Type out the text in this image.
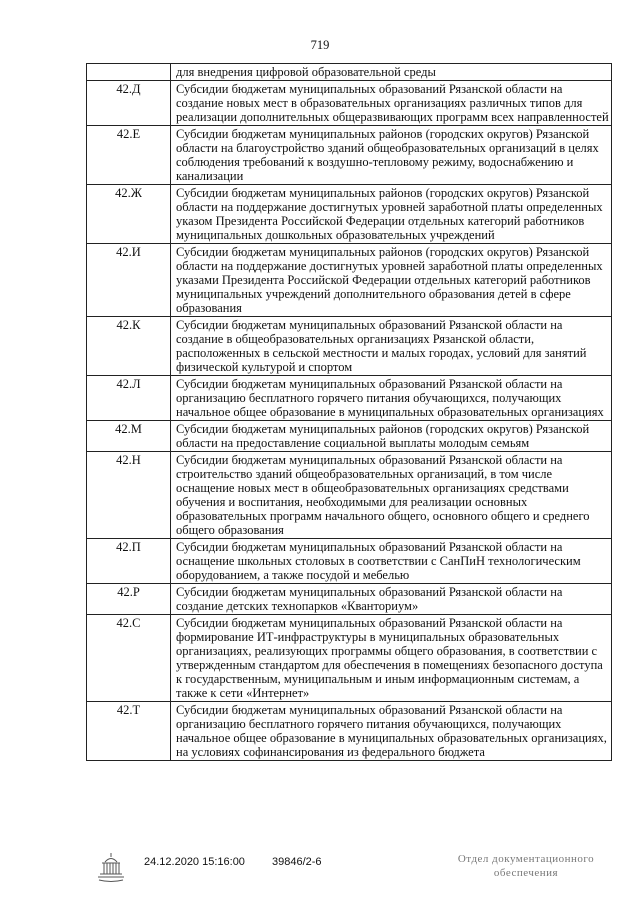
719
	для внедрения цифровой образовательной среды
42.Д	Субсидии бюджетам муниципальных образований Рязанской области на создание новых мест в образовательных организациях различных типов для реализации дополнительных общеразвивающих программ всех направленностей
42.Е	Субсидии бюджетам муниципальных районов (городских округов) Рязанской области на благоустройство зданий общеобразовательных организаций в целях соблюдения требований к воздушно-тепловому режиму, водоснабжению и канализации
42.Ж	Субсидии бюджетам муниципальных районов (городских округов) Рязанской области на поддержание достигнутых уровней заработной платы определенных указом Президента Российской Федерации отдельных категорий работников муниципальных дошкольных образовательных учреждений
42.И	Субсидии бюджетам муниципальных районов (городских округов) Рязанской области на поддержание достигнутых уровней заработной платы определенных указами Президента Российской Федерации отдельных категорий работников муниципальных учреждений дополнительного образования детей в сфере образования
42.К	Субсидии бюджетам муниципальных образований Рязанской области на создание в общеобразовательных организациях Рязанской области, расположенных в сельской местности и малых городах, условий для занятий физической культурой и спортом
42.Л	Субсидии бюджетам муниципальных образований Рязанской области на организацию бесплатного горячего питания обучающихся, получающих начальное общее образование в муниципальных образовательных организациях
42.М	Субсидии бюджетам муниципальных районов (городских округов) Рязанской области на предоставление социальной выплаты молодым семьям
42.Н	Субсидии бюджетам муниципальных образований Рязанской области на строительство зданий общеобразовательных организаций, в том числе оснащение новых мест в общеобразовательных организациях средствами обучения и воспитания, необходимыми для реализации основных образовательных программ начального общего, основного общего и среднего общего образования
42.П	Субсидии бюджетам муниципальных образований Рязанской области на оснащение школьных столовых в соответствии с СанПиН технологическим оборудованием, а также посудой и мебелью
42.Р	Субсидии бюджетам муниципальных образований Рязанской области на создание детских технопарков «Кванториум»
42.С	Субсидии бюджетам муниципальных образований Рязанской области на формирование ИТ-инфраструктуры в муниципальных образовательных организациях, реализующих программы общего образования, в соответствии с утвержденным стандартом для обеспечения в помещениях безопасного доступа к государственным, муниципальным и иным информационным системам, а также к сети «Интернет»
42.Т	Субсидии бюджетам муниципальных образований Рязанской области на организацию бесплатного горячего питания обучающихся, получающих начальное общее образование в муниципальных образовательных организациях, на условиях софинансирования из федерального бюджета
24.12.2020 15:16:00 39846/2-6	Отдел документационного
обеспечения
